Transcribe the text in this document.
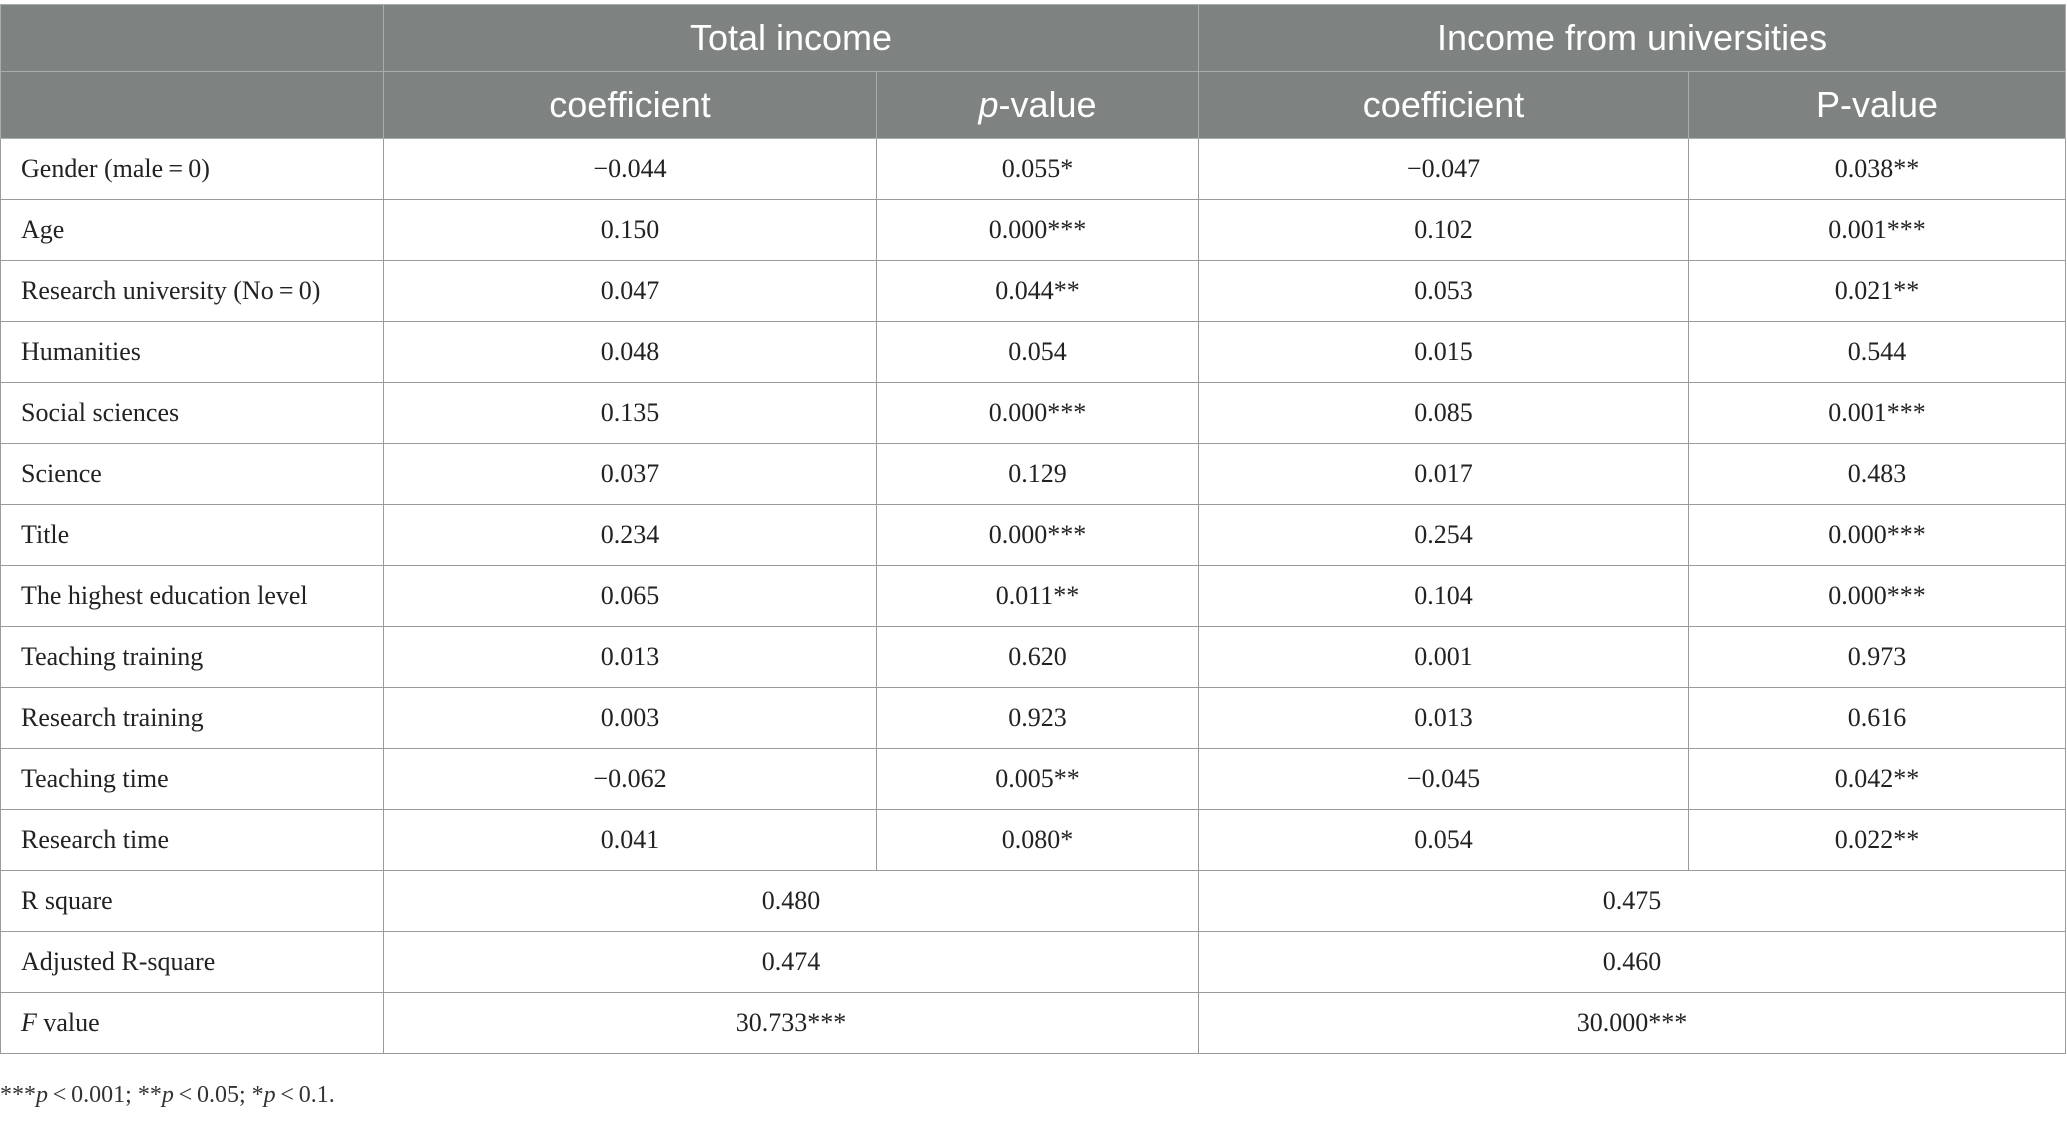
	Total income		Income from universities	
	coefficient	p-value	coefficient	P-value
Gender (male = 0)	−0.044	0.055*	−0.047	0.038**
Age	0.150	0.000***	0.102	0.001***
Research university (No = 0)	0.047	0.044**	0.053	0.021**
Humanities	0.048	0.054	0.015	0.544
Social sciences	0.135	0.000***	0.085	0.001***
Science	0.037	0.129	0.017	0.483
Title	0.234	0.000***	0.254	0.000***
The highest education level	0.065	0.011**	0.104	0.000***
Teaching training	0.013	0.620	0.001	0.973
Research training	0.003	0.923	0.013	0.616
Teaching time	−0.062	0.005**	−0.045	0.042**
Research time	0.041	0.080*	0.054	0.022**
R square	0.480		0.475	
Adjusted R-square	0.474		0.460	
F value	30.733***		30.000***	
***p < 0.001; **p < 0.05; *p < 0.1.
